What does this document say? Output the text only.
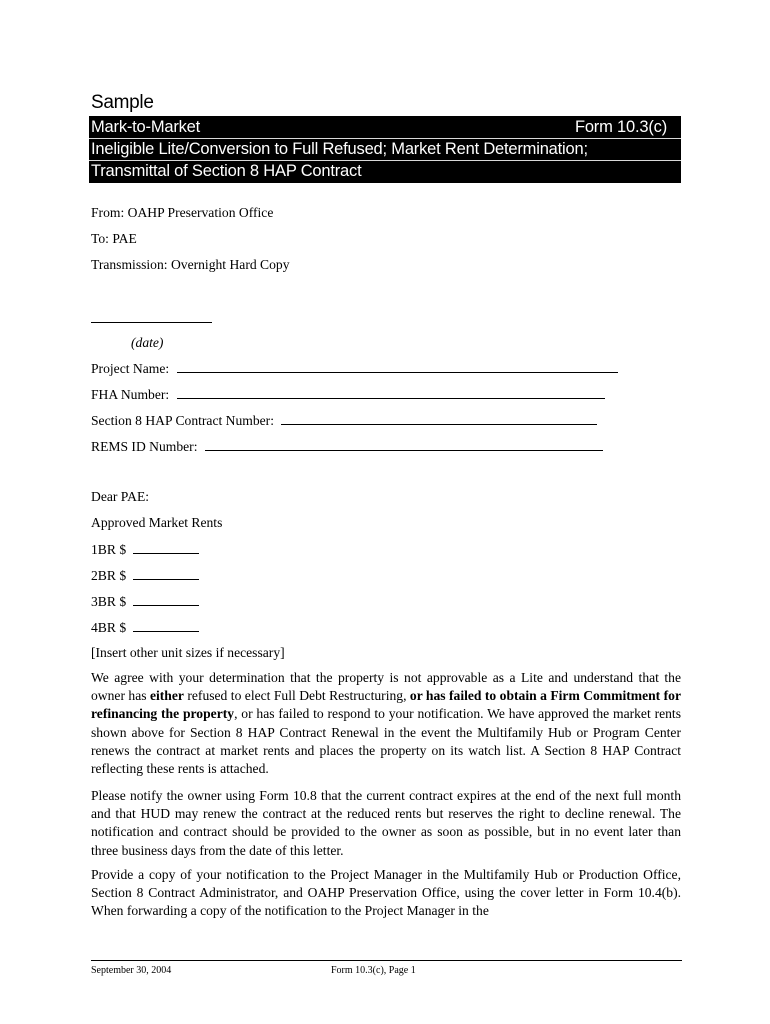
Sample
Mark-to-Market	Form 10.3(c)
Ineligible Lite/Conversion to Full Refused; Market Rent Determination;
Transmittal of Section 8 HAP Contract
From: OAHP Preservation Office
To: PAE
Transmission: Overnight Hard Copy
(date)
Project Name:
FHA Number:
Section 8 HAP Contract Number:
REMS ID Number:
Dear PAE:
Approved Market Rents
1BR $
2BR $
3BR $
4BR $
[Insert other unit sizes if necessary]
We agree with your determination that the property is not approvable as a Lite and understand that the owner has either refused to elect Full Debt Restructuring, or has failed to obtain a Firm Commitment for refinancing the property, or has failed to respond to your notification. We have approved the market rents shown above for Section 8 HAP Contract Renewal in the event the Multifamily Hub or Program Center renews the contract at market rents and places the property on its watch list. A Section 8 HAP Contract reflecting these rents is attached.
Please notify the owner using Form 10.8 that the current contract expires at the end of the next full month and that HUD may renew the contract at the reduced rents but reserves the right to decline renewal. The notification and contract should be provided to the owner as soon as possible, but in no event later than three business days from the date of this letter.
Provide a copy of your notification to the Project Manager in the Multifamily Hub or Production Office, Section 8 Contract Administrator, and OAHP Preservation Office, using the cover letter in Form 10.4(b). When forwarding a copy of the notification to the Project Manager in the
September 30, 2004	Form 10.3(c), Page 1
